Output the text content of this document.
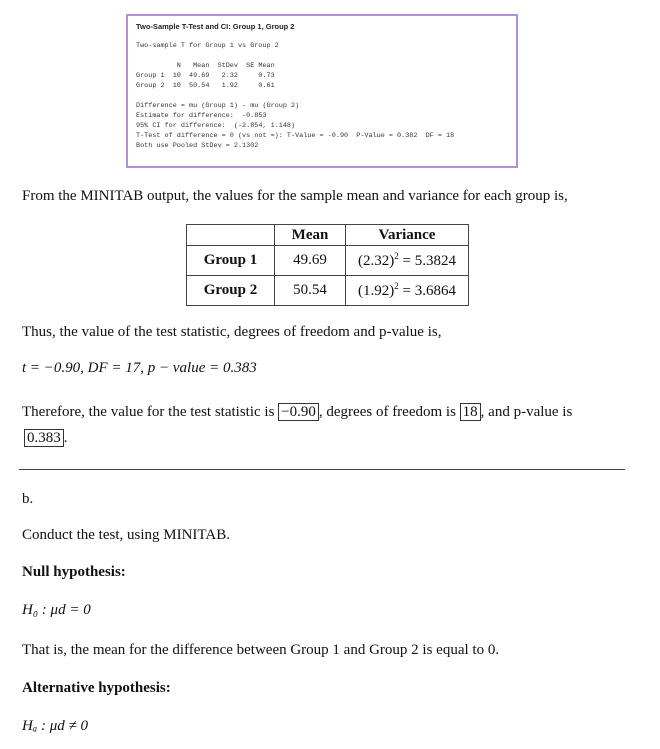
Two-Sample T-Test and CI: Group 1, Group 2
Two-sample T for Group 1 vs Group 2
N   Mean  StDev  SE Mean
Group 1  10  49.69   2.32     0.73
Group 2  10  50.54   1.92     0.61
Difference = mu (Group 1) - mu (Group 2)
Estimate for difference:  -0.853
95% CI for difference:  (-2.854, 1.148)
T-Test of difference = 0 (vs not =): T-Value = -0.90  P-Value = 0.382  DF = 18
Both use Pooled StDev = 2.1302
From the MINITAB output, the values for the sample mean and variance for each group is,
	Mean	Variance
Group 1	49.69	$(2.32)^2 = 5.3824$
Group 2	50.54	$(1.92)^2 = 3.6864$
Thus, the value of the test statistic, degrees of freedom and p-value is,
t = −0.90, DF = 17, p − value = 0.383
Therefore, the value for the test statistic is −0.90 , degrees of freedom is 18 , and p-value is
0.383 .
b.
Conduct the test, using MINITAB.
Null hypothesis:
H₀ : μd = 0
That is, the mean for the difference between Group 1 and Group 2 is equal to 0.
Alternative hypothesis:
Hₐ : μd ≠ 0
